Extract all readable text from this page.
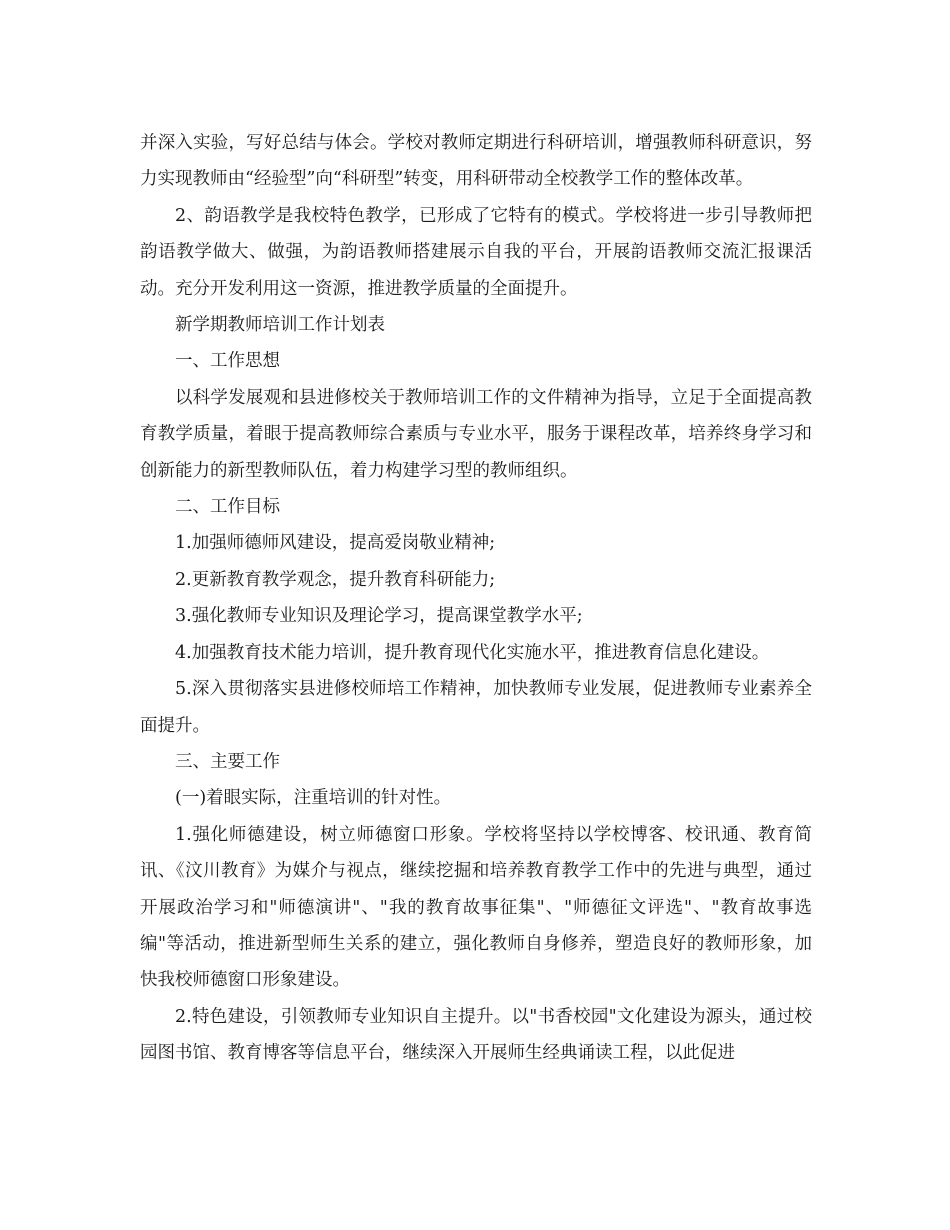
并深入实验，写好总结与体会。学校对教师定期进行科研培训，增强教师科研意识，努力实现教师由“经验型”向“科研型”转变，用科研带动全校教学工作的整体改革。

2、韵语教学是我校特色教学，已形成了它特有的模式。学校将进一步引导教师把韵语教学做大、做强，为韵语教师搭建展示自我的平台，开展韵语教师交流汇报课活动。充分开发利用这一资源，推进教学质量的全面提升。

新学期教师培训工作计划表

一、工作思想

以科学发展观和县进修校关于教师培训工作的文件精神为指导，立足于全面提高教育教学质量，着眼于提高教师综合素质与专业水平，服务于课程改革，培养终身学习和创新能力的新型教师队伍，着力构建学习型的教师组织。

二、工作目标

1.加强师德师风建设，提高爱岗敬业精神;

2.更新教育教学观念，提升教育科研能力;

3.强化教师专业知识及理论学习，提高课堂教学水平;

4.加强教育技术能力培训，提升教育现代化实施水平，推进教育信息化建设。

5.深入贯彻落实县进修校师培工作精神，加快教师专业发展，促进教师专业素养全面提升。

三、主要工作

(一)着眼实际，注重培训的针对性。

1.强化师德建设，树立师德窗口形象。学校将坚持以学校博客、校讯通、教育简讯、《汶川教育》为媒介与视点，继续挖掘和培养教育教学工作中的先进与典型，通过开展政治学习和"师德演讲"、"我的教育故事征集"、"师德征文评选"、"教育故事选编"等活动，推进新型师生关系的建立，强化教师自身修养，塑造良好的教师形象，加快我校师德窗口形象建设。

2.特色建设，引领教师专业知识自主提升。以"书香校园"文化建设为源头，通过校园图书馆、教育博客等信息平台，继续深入开展师生经典诵读工程，以此促进
